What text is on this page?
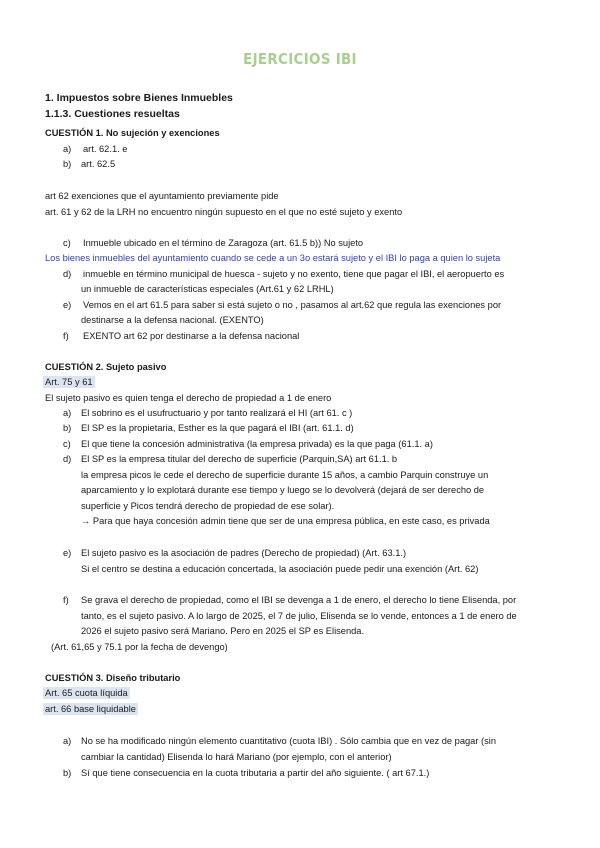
EJERCICIOS IBI
1. Impuestos sobre Bienes Inmuebles
1.1.3. Cuestiones resueltas
CUESTIÓN 1. No sujeción y exenciones
a) art. 62.1. e
b) art. 62.5
art 62 exenciones que el ayuntamiento previamente pide
art. 61 y 62 de la LRH no encuentro ningún supuesto en el que no esté sujeto y exento
c) Inmueble ubicado en el término de Zaragoza (art. 61.5 b)) No sujeto
Los bienes inmuebles del ayuntamiento cuando se cede a un 3o estará sujeto y el IBI lo paga a quien lo sujeta
d) inmueble en término municipal de huesca - sujeto y no exento, tiene que pagar el IBI, el aeropuerto es
un inmueble de características especiales (Art.61 y 62 LRHL)
e) Vemos en el art 61.5 para saber si está sujeto o no , pasamos al art.62 que regula las exenciones por
destinarse a la defensa nacional. (EXENTO)
f) EXENTO art 62 por destinarse a la defensa nacional
CUESTIÓN 2. Sujeto pasivo
Art. 75 y 61
El sujeto pasivo es quien tenga el derecho de propiedad a 1 de enero
a) El sobrino es el usufructuario y por tanto realizará el HI (art 61. c )
b) El SP es la propietaria, Esther es la que pagará el IBI (art. 61.1. d)
c) El que tiene la concesión administrativa (la empresa privada) es la que paga (61.1. a)
d) El SP es la empresa titular del derecho de superficie (Parquin,SA) art 61.1. b
la empresa picos le cede el derecho de superficie durante 15 años, a cambio Parquin construye un
aparcamiento y lo explotará durante ese tiempo y luego se lo devolverá (dejará de ser derecho de
superficie y Picos tendrá derecho de propiedad de ese solar).
→ Para que haya concesión admin tiene que ser de una empresa pública, en este caso, es privada
e) El sujeto pasivo es la asociación de padres (Derecho de propiedad) (Art. 63.1.)
Si el centro se destina a educación concertada, la asociación puede pedir una exención (Art. 62)
f) Se grava el derecho de propiedad, como el IBI se devenga a 1 de enero, el derecho lo tiene Elisenda, por
tanto, es el sujeto pasivo. A lo largo de 2025, el 7 de julio, Elisenda se lo vende, entonces a 1 de enero de
2026 el sujeto pasivo será Mariano. Pero en 2025 el SP es Elisenda.
(Art. 61,65 y 75.1 por la fecha de devengo)
CUESTIÓN 3. Diseño tributario
Art. 65 cuota líquida
art. 66 base liquidable
a) No se ha modificado ningún elemento cuantitativo (cuota IBI) . Sólo cambia que en vez de pagar (sin
cambiar la cantidad) Elisenda lo hará Mariano (por ejemplo, con el anterior)
b) Sí que tiene consecuencia en la cuota tributaria a partir del año siguiente. ( art 67.1.)
